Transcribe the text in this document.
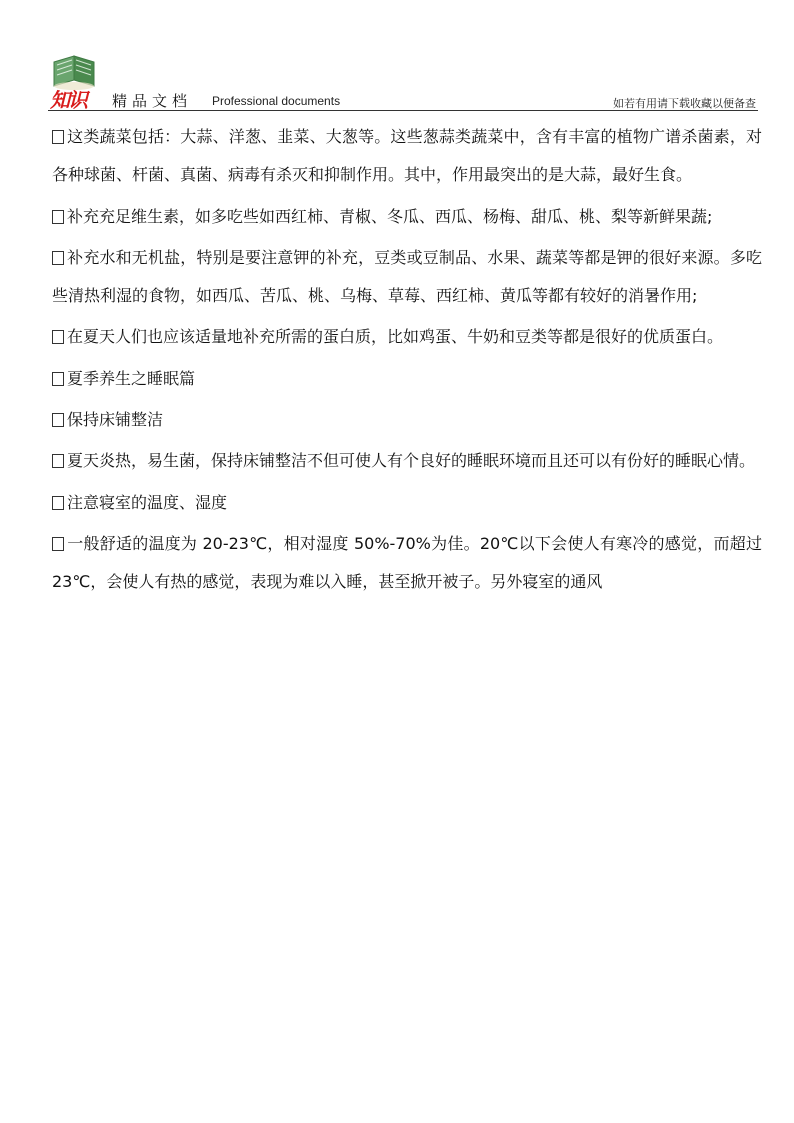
知识 精品文档 Professional documents	如若有用请下载收藏以便备查

这类蔬菜包括：大蒜、洋葱、韭菜、大葱等。这些葱蒜类蔬菜中，含有丰富的植物广谱杀菌素，对各种球菌、杆菌、真菌、病毒有杀灭和抑制作用。其中，作用最突出的是大蒜，最好生食。

补充充足维生素，如多吃些如西红柿、青椒、冬瓜、西瓜、杨梅、甜瓜、桃、梨等新鲜果蔬;

补充水和无机盐，特别是要注意钾的补充，豆类或豆制品、水果、蔬菜等都是钾的很好来源。多吃些清热利湿的食物，如西瓜、苦瓜、桃、乌梅、草莓、西红柿、黄瓜等都有较好的消暑作用;

在夏天人们也应该适量地补充所需的蛋白质，比如鸡蛋、牛奶和豆类等都是很好的优质蛋白。

夏季养生之睡眠篇

保持床铺整洁

夏天炎热，易生菌，保持床铺整洁不但可使人有个良好的睡眠环境而且还可以有份好的睡眠心情。

注意寝室的温度、湿度

一般舒适的温度为 20-23℃，相对湿度 50%-70%为佳。20℃以下会使人有寒冷的感觉，而超过 23℃，会使人有热的感觉，表现为难以入睡，甚至掀开被子。另外寝室的通风
